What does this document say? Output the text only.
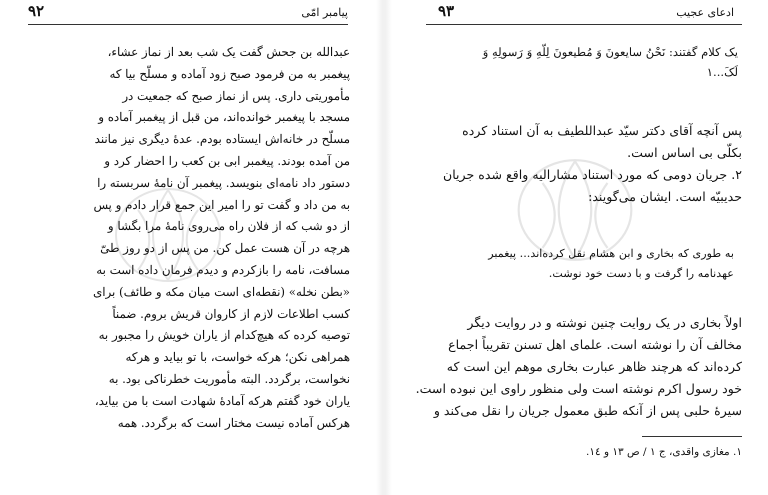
۹۲	پیامبر امّی
عبدالله بن جحش گفت یک شب بعد از نماز عشاء،
پیغمبر به من فرمود صبح زود آماده و مسلّح بیا که
مأموریتی داری. پس از نماز صبح که جمعیت در
مسجد با پیغمبر خوانده‌اند، من قبل از پیغمبر آماده و
مسلّح در خانه‌اش ایستاده بودم. عدهٔ دیگری نیز مانند
من آمده بودند. پیغمبر ابی بن کعب را احضار کرد و
دستور داد نامه‌ای بنویسد. پیغمبر آن نامهٔ سربسته را
به من داد و گفت تو را امیر این جمع قرار دادم و پس
از دو شب که از فلان راه می‌روی نامهٔ مرا بگشا و
هرچه در آن هست عمل کن. من پس از دو روز طیّ
مسافت، نامه را بازکردم و دیدم فرمان داده است به
«بطن نخله» (نقطه‌ای است میان مکه و طائف) برای
کسب اطلاعات لازم از کاروان قریش بروم. ضمناً
توصیه کرده که هیچ‌کدام از یاران خویش را مجبور به
همراهی نکن؛ هرکه خواست، با تو بیاید و هرکه
نخواست، برگردد. البته مأموریت خطرناکی بود. به
یاران خود گفتم هرکه آمادهٔ شهادت است با من بیاید،
هرکس آماده نیست مختار است که برگردد. همه
۹۳	ادعای عجیب
یک کلام گفتند: نَحْنُ سایعونَ وَ مُطیعونَ لِلّهِ وَ رَسولِهِ وَ
لَکَ...١
پس آنچه آقای دکتر سیّد عبداللطیف به آن استناد کرده
بکلّی بی اساس است.
٢. جریان دومی که مورد استناد مشارالیه واقع شده جریان
حدیبیّه است. ایشان می‌گویند:
به طوری که بخاری و ابن هشام نقل کرده‌اند... پیغمبر
عهدنامه را گرفت و با دست خود نوشت.
اولاً بخاری در یک روایت چنین نوشته و در روایت دیگر
مخالف آن را نوشته است. علمای اهل تسنن تقریباً اجماع
کرده‌اند که هرچند ظاهر عبارت بخاری موهم این است که
خود رسول اکرم نوشته است ولی منظور راوی این نبوده است.
سیرهٔ حلبی پس از آنکه طبق معمول جریان را نقل می‌کند و
١. مغازی واقدی، ج ١ / ص ١٣ و ١٤.
